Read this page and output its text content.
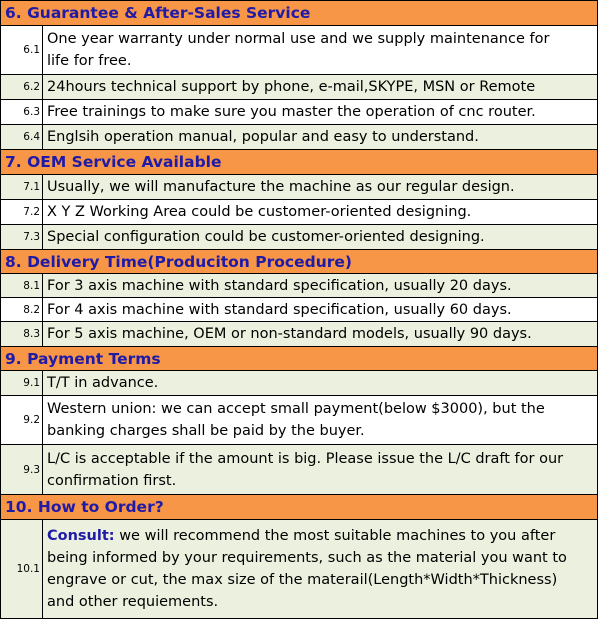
6. Guarantee & After-Sales Service
6.1
One year warranty under normal use and we supply maintenance for
life for free.
6.2 24hours technical support by phone, e-mail,SKYPE, MSN or Remote
6.3 Free trainings to make sure you master the operation of cnc router.
6.4 Englsih operation manual, popular and easy to understand.
7. OEM Service Available
7.1 Usually, we will manufacture the machine as our regular design.
7.2 X Y Z Working Area could be customer-oriented designing.
7.3 Special configuration could be customer-oriented designing.
8. Delivery Time(Produciton Procedure)
8.1 For 3 axis machine with standard specification, usually 20 days.
8.2 For 4 axis machine with standard specification, usually 60 days.
8.3 For 5 axis machine, OEM or non-standard models, usually 90 days.
9. Payment Terms
9.1 T/T in advance.
9.2
Western union: we can accept small payment(below $3000), but the
banking charges shall be paid by the buyer.
9.3
L/C is acceptable if the amount is big. Please issue the L/C draft for our
confirmation first.
10. How to Order?
10.1
Consult: we will recommend the most suitable machines to you after
being informed by your requirements, such as the material you want to
engrave or cut, the max size of the materail(Length*Width*Thickness)
and other requiements.
